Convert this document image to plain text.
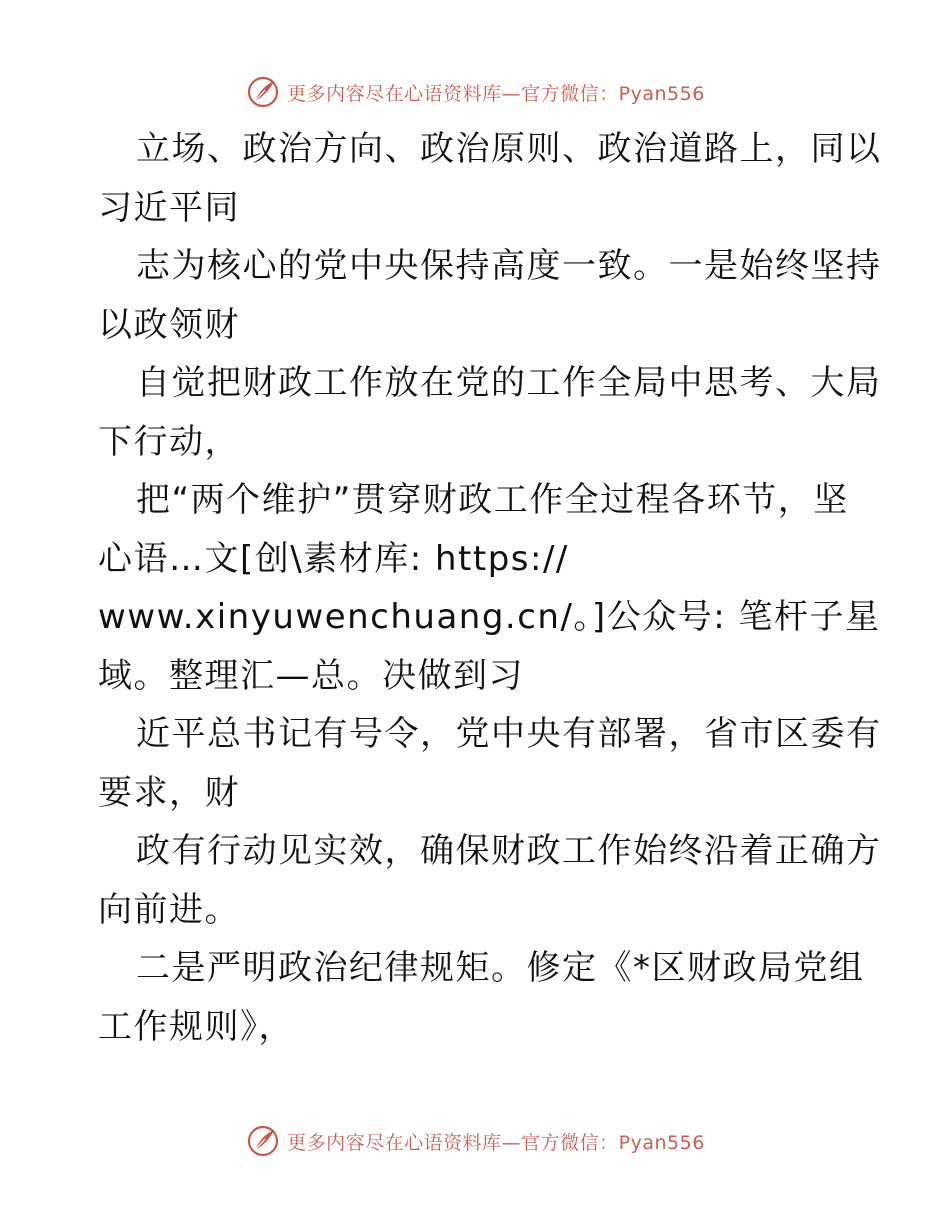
更多内容尽在心语资料库—官方微信：Pyan556
立场、政治方向、政治原则、政治道路上，同以
习近平同
志为核心的党中央保持高度一致。一是始终坚持
以政领财
自觉把财政工作放在党的工作全局中思考、大局
下行动，
把“两个维护”贯穿财政工作全过程各环节，坚
心语…文[创\素材库: https://
www.xinyuwenchuang.cn/。]公众号: 笔杆子星
域。整理汇—总。决做到习
近平总书记有号令，党中央有部署，省市区委有
要求，财
政有行动见实效，确保财政工作始终沿着正确方
向前进。
二是严明政治纪律规矩。修定《*区财政局党组
工作规则》，
更多内容尽在心语资料库—官方微信：Pyan556
